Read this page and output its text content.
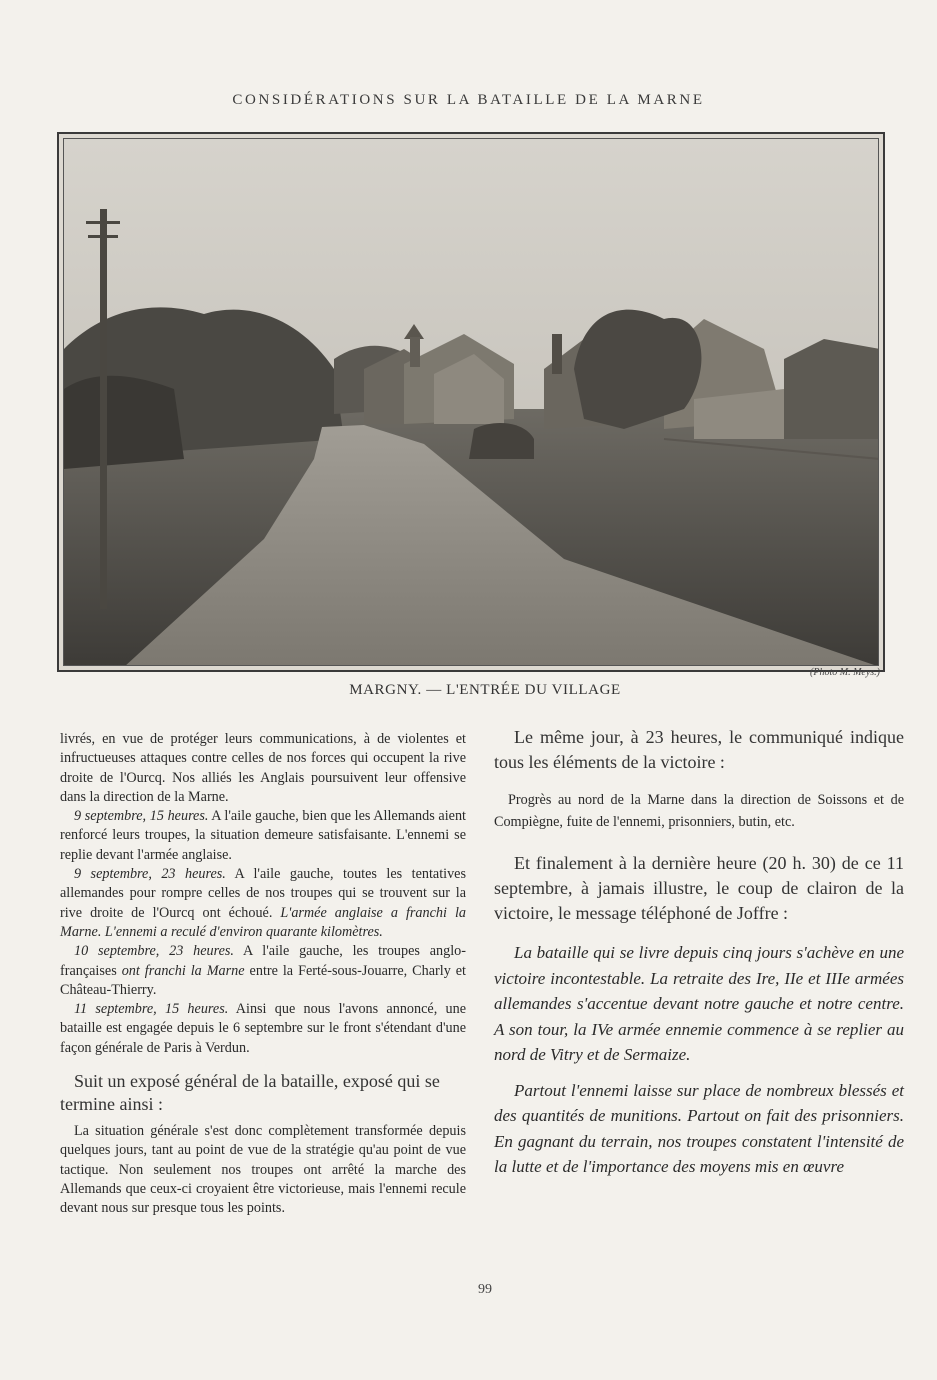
CONSIDÉRATIONS SUR LA BATAILLE DE LA MARNE
(Photo M. Meys.)
MARGNY. — L'ENTRÉE DU VILLAGE

livrés, en vue de protéger leurs communications, à de violentes et infructueuses attaques contre celles de nos forces qui occupent la rive droite de l'Ourcq. Nos alliés les Anglais poursuivent leur offensive dans la direction de la Marne.

9 septembre, 15 heures. A l'aile gauche, bien que les Allemands aient renforcé leurs troupes, la situation demeure satisfaisante. L'ennemi se replie devant l'armée anglaise.

9 septembre, 23 heures. A l'aile gauche, toutes les tentatives allemandes pour rompre celles de nos troupes qui se trouvent sur la rive droite de l'Ourcq ont échoué. L'armée anglaise a franchi la Marne. L'ennemi a reculé d'environ quarante kilomètres.

10 septembre, 23 heures. A l'aile gauche, les troupes anglo-françaises ont franchi la Marne entre la Ferté-sous-Jouarre, Charly et Château-Thierry.

11 septembre, 15 heures. Ainsi que nous l'avons annoncé, une bataille est engagée depuis le 6 septembre sur le front s'étendant d'une façon générale de Paris à Verdun.

Suit un exposé général de la bataille, exposé qui se termine ainsi :

La situation générale s'est donc complètement transformée depuis quelques jours, tant au point de vue de la stratégie qu'au point de vue tactique. Non seulement nos troupes ont arrêté la marche des Allemands que ceux-ci croyaient être victorieuse, mais l'ennemi recule devant nous sur presque tous les points.

Le même jour, à 23 heures, le communiqué indique tous les éléments de la victoire :

Progrès au nord de la Marne dans la direction de Soissons et de Compiègne, fuite de l'ennemi, prisonniers, butin, etc.

Et finalement à la dernière heure (20 h. 30) de ce 11 septembre, à jamais illustre, le coup de clairon de la victoire, le message téléphoné de Joffre :

La bataille qui se livre depuis cinq jours s'achève en une victoire incontestable. La retraite des Ire, IIe et IIIe armées allemandes s'accentue devant notre gauche et notre centre. A son tour, la IVe armée ennemie commence à se replier au nord de Vitry et de Sermaize.

Partout l'ennemi laisse sur place de nombreux blessés et des quantités de munitions. Partout on fait des prisonniers. En gagnant du terrain, nos troupes constatent l'intensité de la lutte et de l'importance des moyens mis en œuvre

99
